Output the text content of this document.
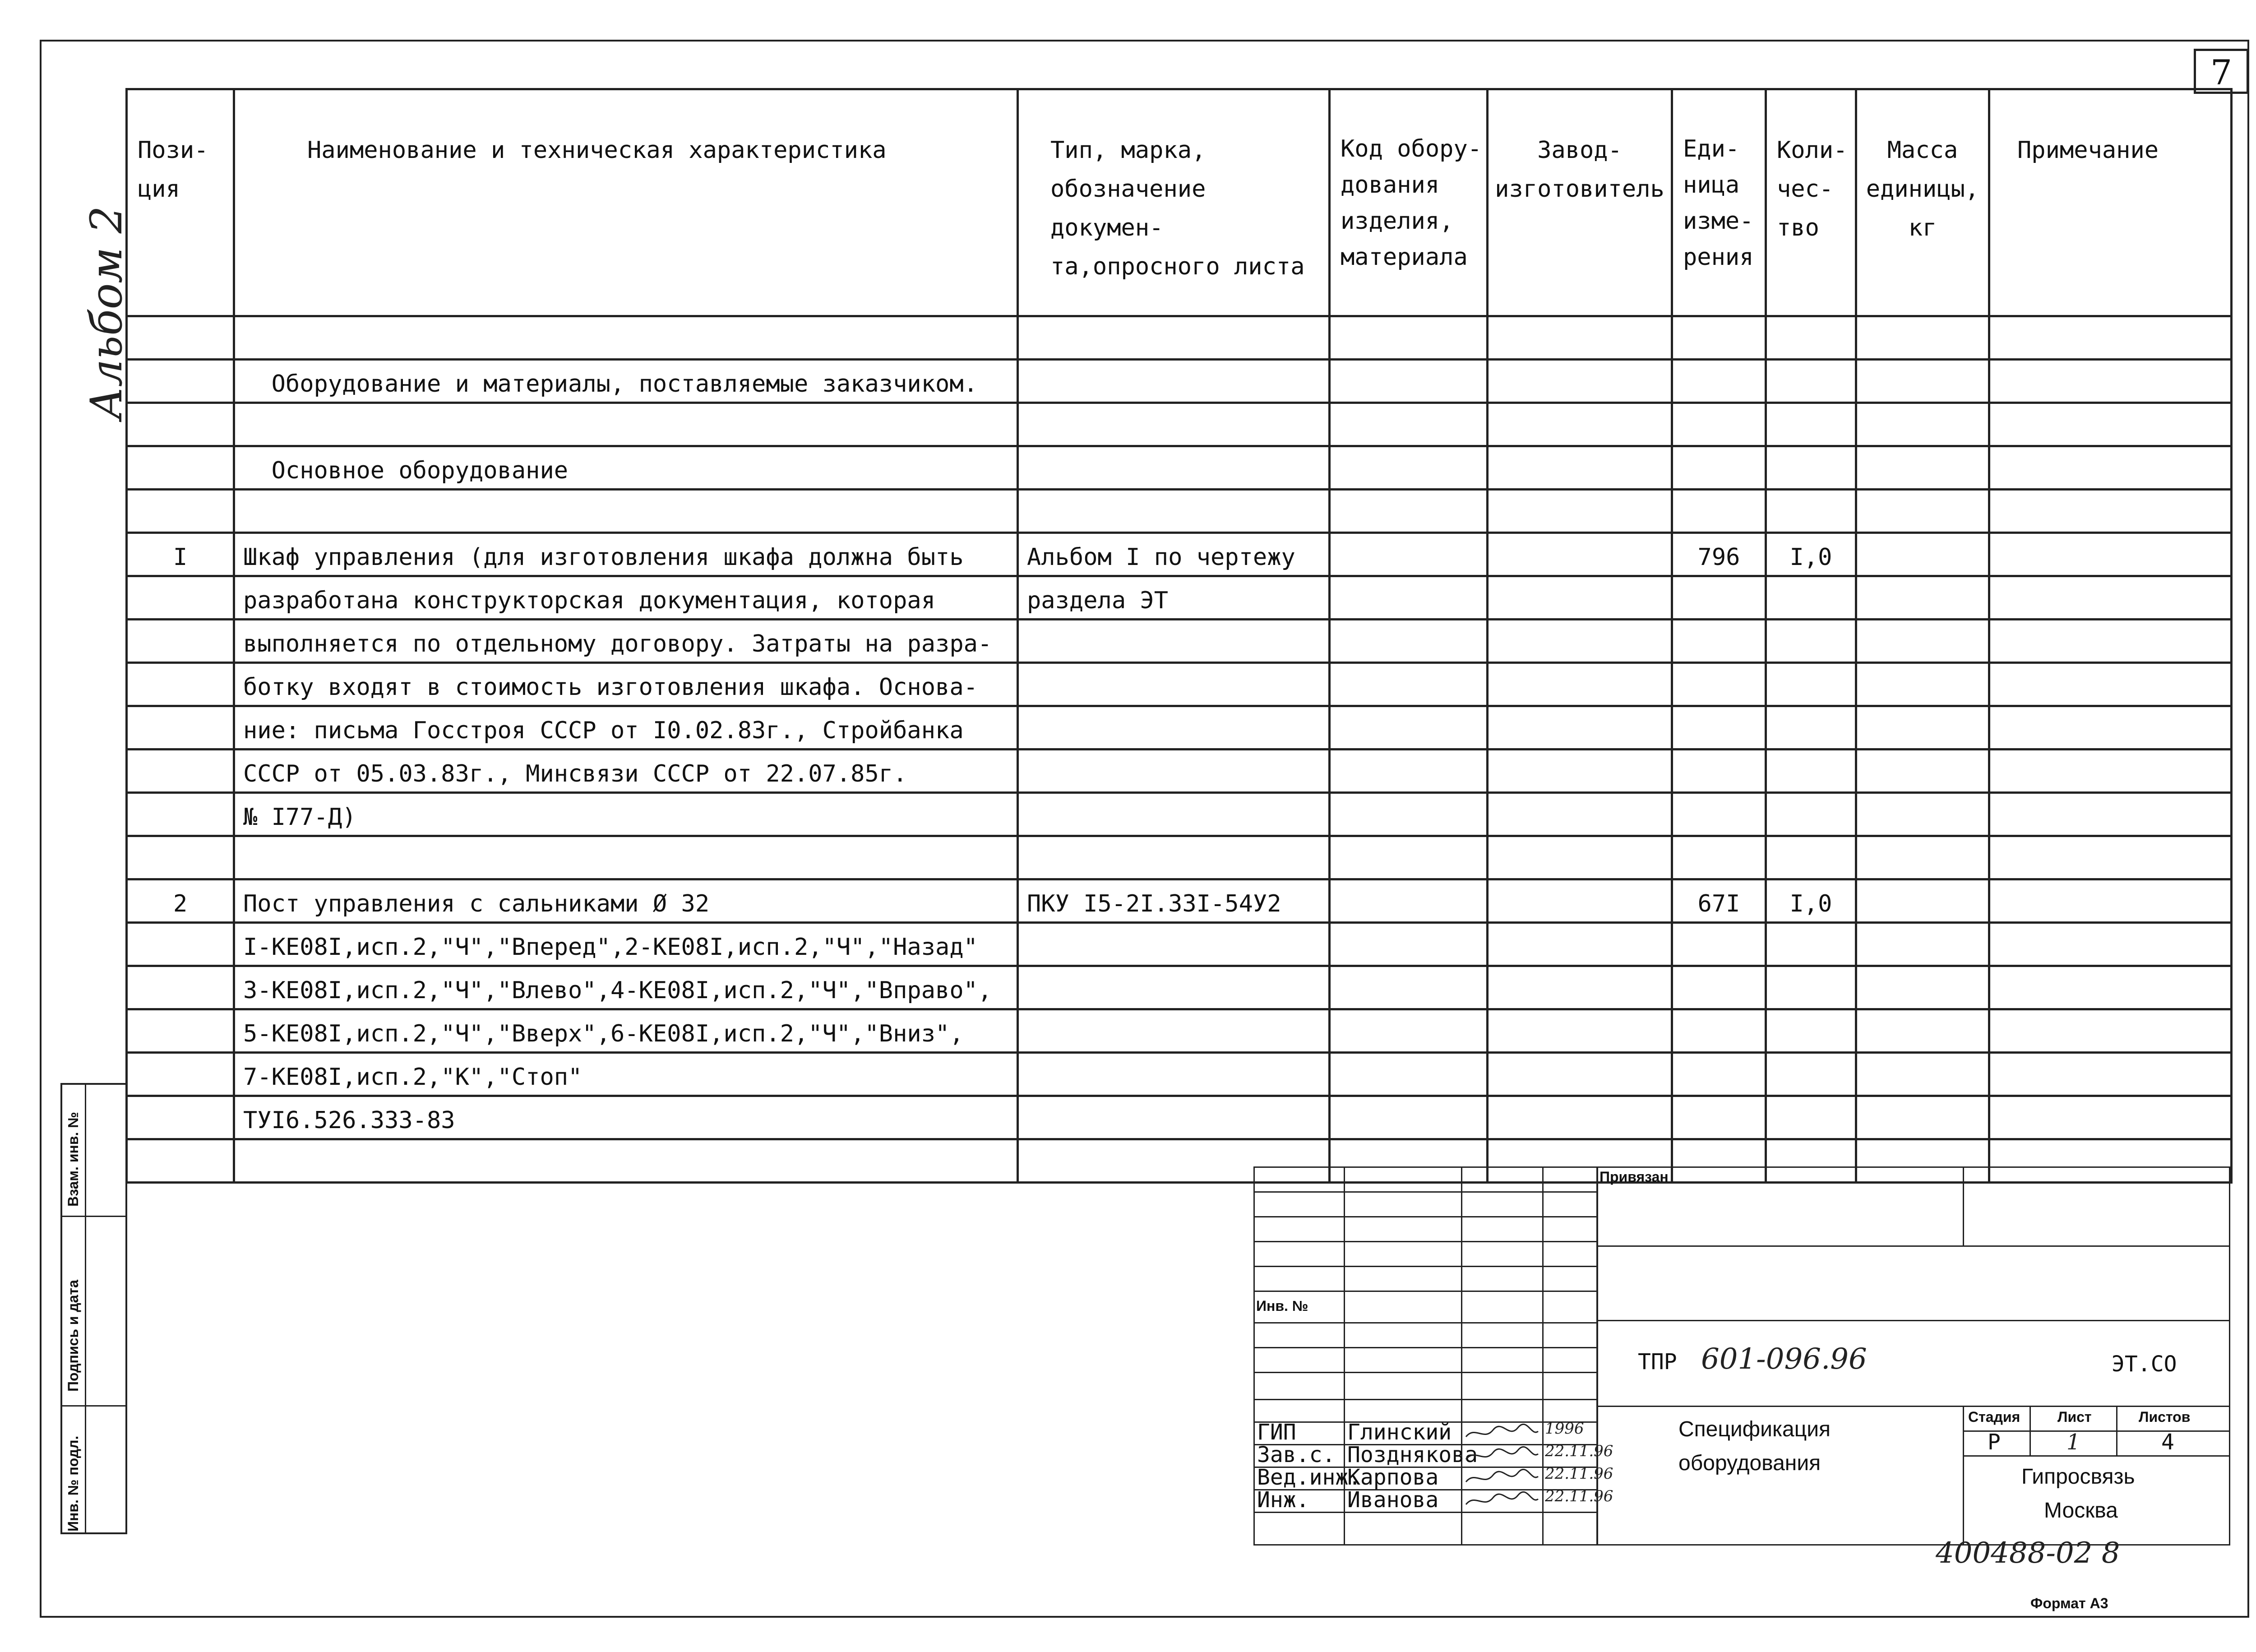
7
Альбом 2
Инв. № подл.
Подпись и дата
Взам. инв. №
Пози-
ция	Наименование и техническая характеристика	Тип, марка,
обозначение докумен-
та,опросного листа	Код обору-
дования
изделия,
материала	Завод-
изготовитель	Еди-
ница
изме-
рения	Коли-
чес-
тво	Масса
единицы,
кг	Примечание

	Оборудование и материалы, поставляемые заказчиком.							

	Основное оборудование							

I	Шкаф управления (для изготовления шкафа должна быть	Альбом I по чертежу			796	I,0		
	разработана конструкторская документация, которая	раздела ЭТ						
	выполняется по отдельному договору. Затраты на разра-							
	ботку входят в стоимость изготовления шкафа. Основа-							
	ние: письма Госстроя СССР от I0.02.83г., Стройбанка							
	СССР от 05.03.83г., Минсвязи СССР от 22.07.85г.							
	№ I77-Д)							

2	Пост управления с сальниками Ø 32	ПКУ I5-2I.33I-54У2			67I	I,0		
	I-КЕ08I,исп.2,"Ч","Вперед",2-КЕ08I,исп.2,"Ч","Назад"							
	3-КЕ08I,исп.2,"Ч","Влево",4-КЕ08I,исп.2,"Ч","Вправо",							
	5-КЕ08I,исп.2,"Ч","Вверх",6-КЕ08I,исп.2,"Ч","Вниз",							
	7-КЕ08I,исп.2,"К","Стоп"							
	ТУI6.526.333-83							

Привязан
Инв. №
ТПР 601-096.96	ЭТ.СО
Спецификация
оборудования
Стадия	Лист	Листов
Р	1	4
Гипросвязь
Москва
ГИП Глинский	1996
Зав.с. Позднякова	22.11.96
Вед.инж.
Карпова	22.11.96
Инж. Иванова	22.11.96
400488-02 8
Формат А3
